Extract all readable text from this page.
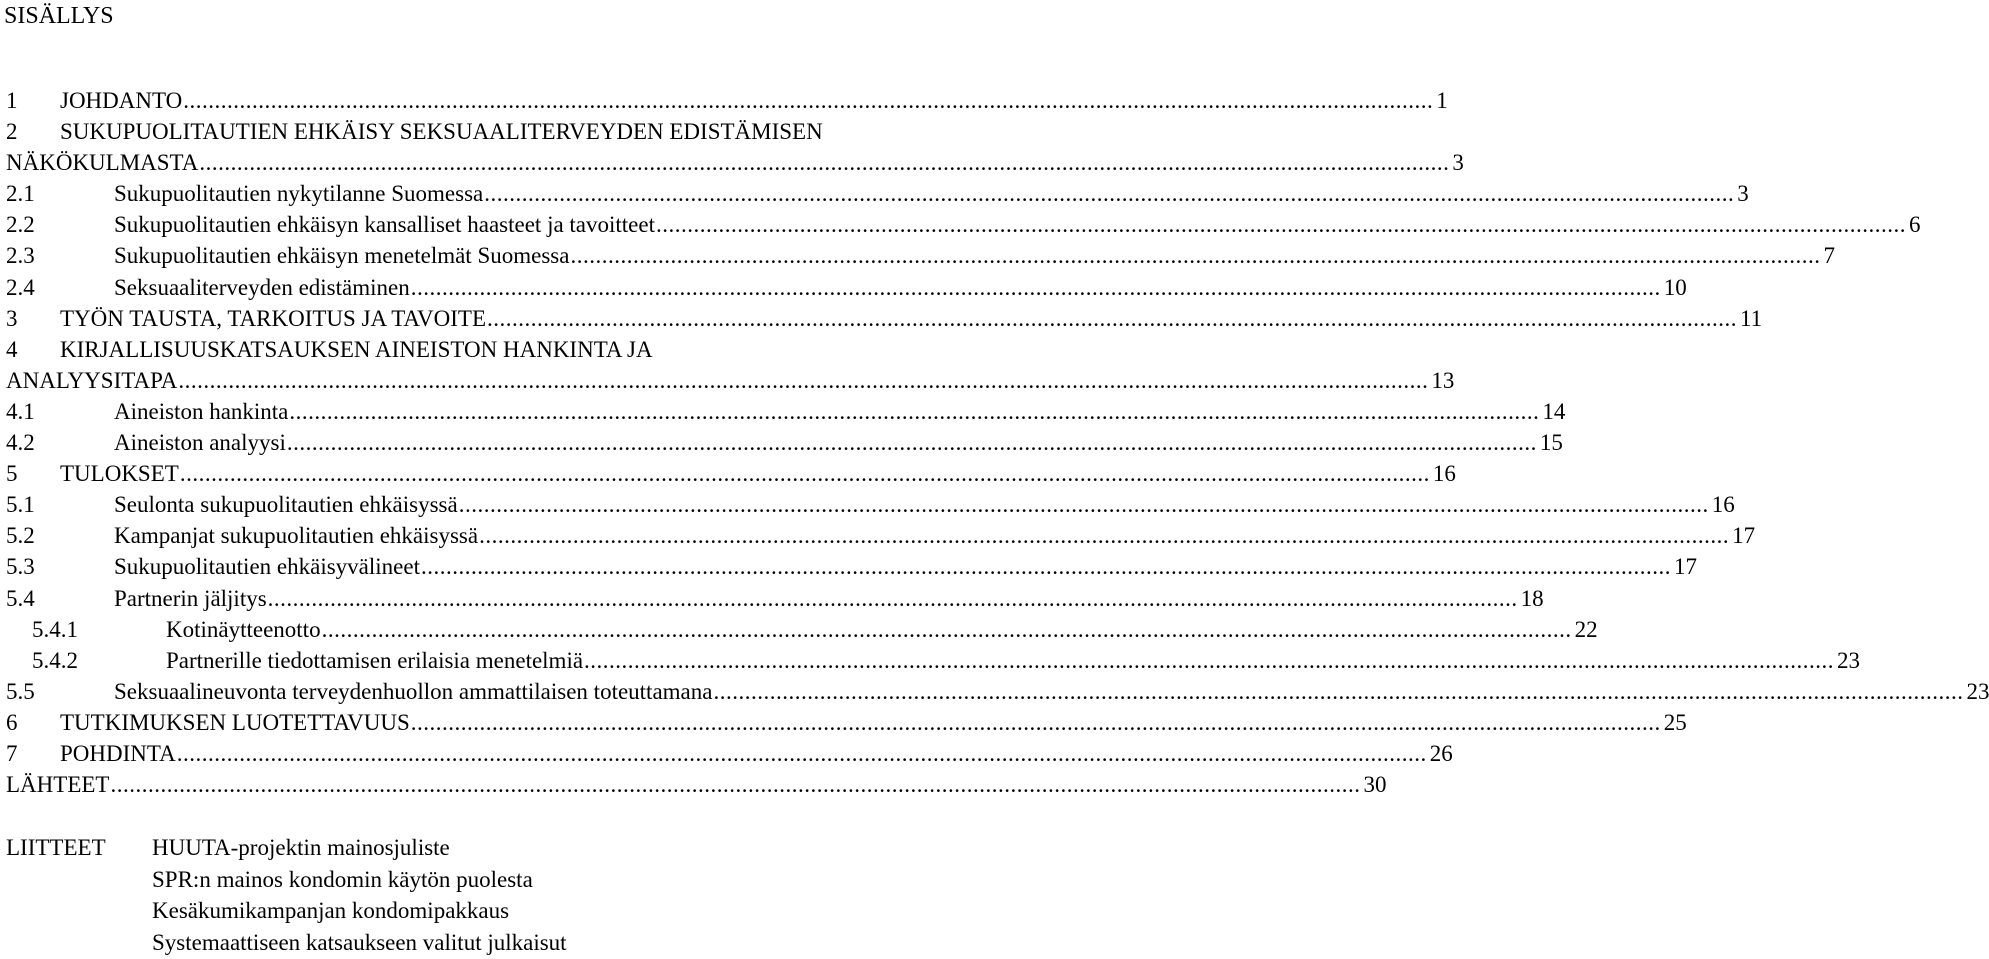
SISÄLLYS
1	JOHDANTO .....	1
2	SUKUPUOLITAUTIEN EHKÄISY SEKSUAALITERVEYDEN EDISTÄMISEN
NÄKÖKULMASTA .....	3
2.1	Sukupuolitautien nykytilanne Suomessa .....	3
2.2	Sukupuolitautien ehkäisyn kansalliset haasteet ja tavoitteet .....	6
2.3	Sukupuolitautien ehkäisyn menetelmät Suomessa .....	7
2.4	Seksuaaliterveyden edistäminen .....	10
3	TYÖN TAUSTA, TARKOITUS JA TAVOITE .....	11
4	KIRJALLISUUSKATSAUKSEN AINEISTON HANKINTA JA
ANALYYSITAPA .....	13
4.1	Aineiston hankinta .....	14
4.2	Aineiston analyysi .....	15
5	TULOKSET .....	16
5.1	Seulonta sukupuolitautien ehkäisyssä .....	16
5.2	Kampanjat sukupuolitautien ehkäisyssä .....	17
5.3	Sukupuolitautien ehkäisyvälineet .....	17
5.4	Partnerin jäljitys .....	18
5.4.1	Kotinäytteenotto .....	22
5.4.2	Partnerille tiedottamisen erilaisia menetelmiä .....	23
5.5	Seksuaalineuvonta terveydenhuollon ammattilaisen toteuttamana .....	23
6	TUTKIMUKSEN LUOTETTAVUUS .....	25
7	POHDINTA .....	26
LÄHTEET .....	30
LIITTEET HUUTA-projektin mainosjuliste
SPR:n mainos kondomin käytön puolesta
Kesäkumikampanjan kondomipakkaus
Systemaattiseen katsaukseen valitut julkaisut
